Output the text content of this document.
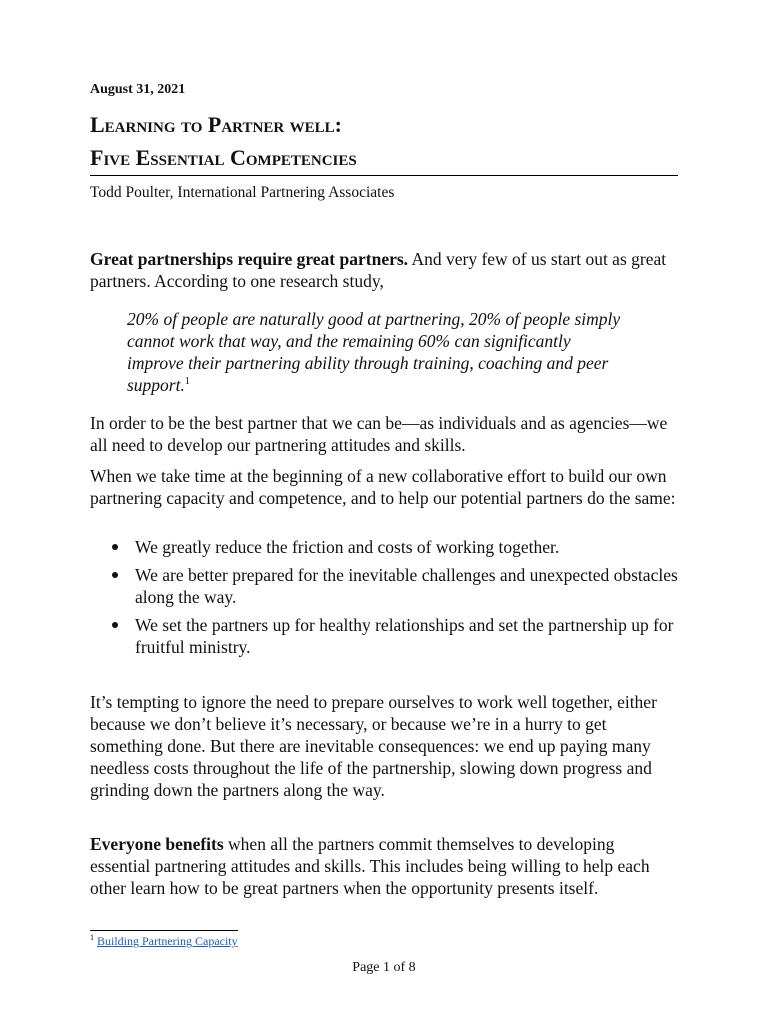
August 31, 2021
Learning to Partner well:
Five Essential Competencies
Todd Poulter, International Partnering Associates

Great partnerships require great partners. And very few of us start out as great partners. According to one research study,

20% of people are naturally good at partnering, 20% of people simply cannot work that way, and the remaining 60% can significantly improve their partnering ability through training, coaching and peer support.$^1$

In order to be the best partner that we can be—as individuals and as agencies—we all need to develop our partnering attitudes and skills.

When we take time at the beginning of a new collaborative effort to build our own partnering capacity and competence, and to help our potential partners do the same:

We greatly reduce the friction and costs of working together.
We are better prepared for the inevitable challenges and unexpected obstacles along the way.
We set the partners up for healthy relationships and set the partnership up for fruitful ministry.

It’s tempting to ignore the need to prepare ourselves to work well together, either because we don’t believe it’s necessary, or because we’re in a hurry to get something done. But there are inevitable consequences: we end up paying many needless costs throughout the life of the partnership, slowing down progress and grinding down the partners along the way.

Everyone benefits when all the partners commit themselves to developing essential partnering attitudes and skills. This includes being willing to help each other learn how to be great partners when the opportunity presents itself.

$^1$ Building Partnering Capacity
Page 1 of 8
